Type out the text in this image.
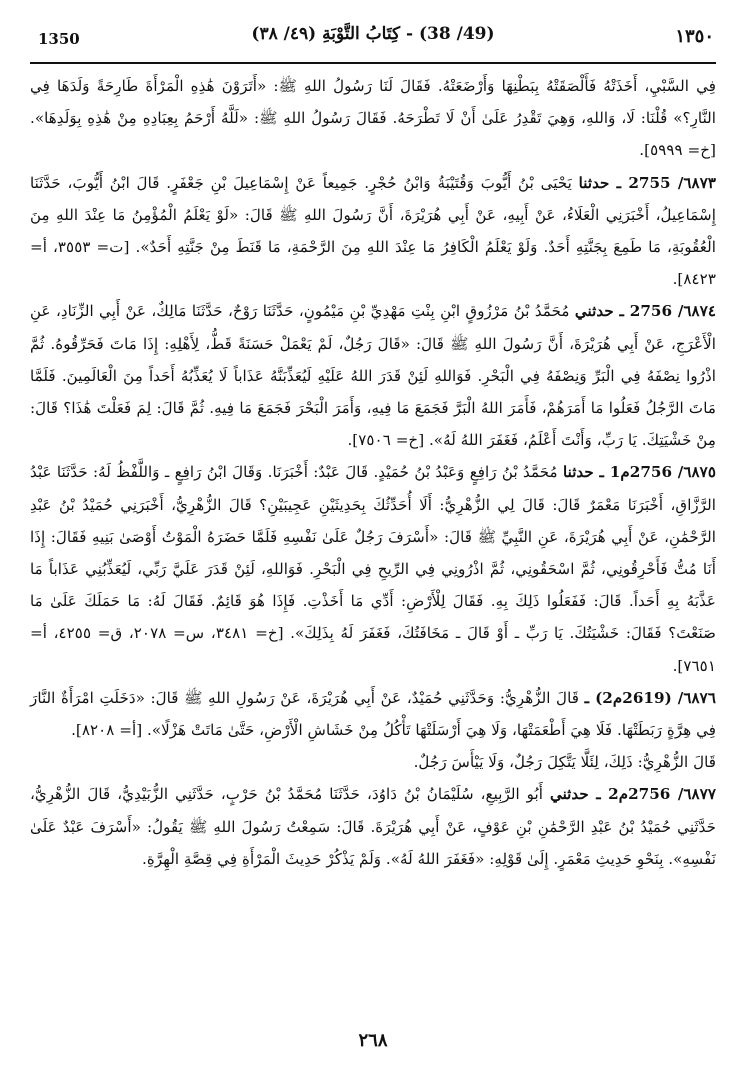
1350	(49/ 38) - كِتَابُ التَّوْبَةِ (٤٩/ ٣٨)	١٣٥٠

فِي السَّبْيِ، أَخَذَتْهُ فَأَلْصَقَتْهُ بِبَطْنِهَا وَأَرْضَعَتْهُ. فَقَالَ لَنَا رَسُولُ اللهِ ﷺ: «أَتَرَوْنَ هَٰذِهِ الْمَرْأَةَ طَارِحَةً وَلَدَهَا فِي النَّارِ؟» قُلْنَا: لَا، وَاللهِ، وَهِيَ تَقْدِرُ عَلَىٰ أَنْ لَا تَطْرَحَهُ. فَقَالَ رَسُولُ اللهِ ﷺ: «لَلَّهُ أَرْحَمُ بِعِبَادِهِ مِنْ هَٰذِهِ بِوَلَدِهَا». [خ= ٥٩٩٩].

٦٨٧٣/ 2755 ـ حدثنا يَحْيَى بْنُ أَيُّوبَ وَقُتَيْبَةُ وَابْنُ حُجْرٍ. جَمِيعاً عَنْ إِسْمَاعِيلَ بْنِ جَعْفَرٍ. قَالَ ابْنُ أَيُّوبَ، حَدَّثَنَا إِسْمَاعِيلُ، أَخْبَرَنِي الْعَلَاءُ، عَنْ أَبِيهِ، عَنْ أَبِي هُرَيْرَةَ، أَنَّ رَسُولَ اللهِ ﷺ قَالَ: «لَوْ يَعْلَمُ الْمُؤْمِنُ مَا عِنْدَ اللهِ مِنَ الْعُقُوبَةِ، مَا طَمِعَ بِجَنَّتِهِ أَحَدٌ. وَلَوْ يَعْلَمُ الْكَافِرُ مَا عِنْدَ اللهِ مِنَ الرَّحْمَةِ، مَا قَنَطَ مِنْ جَنَّتِهِ أَحَدٌ». [ت= ٣٥٥٣، أ= ٨٤٢٣].

٦٨٧٤/ 2756 ـ حدثني مُحَمَّدُ بْنُ مَرْزُوقٍ ابْنِ بِنْتِ مَهْدِيِّ بْنِ مَيْمُونٍ، حَدَّثَنَا رَوْحٌ، حَدَّثَنَا مَالِكٌ، عَنْ أَبِي الزِّنَادِ، عَنِ الْأَعْرَجِ، عَنْ أَبِي هُرَيْرَةَ، أَنَّ رَسُولَ اللهِ ﷺ قَالَ: «قَالَ رَجُلٌ، لَمْ يَعْمَلْ حَسَنَةً قَطُّ، لِأَهْلِهِ: إِذَا مَاتَ فَحَرِّقُوهُ. ثُمَّ اذْرُوا نِصْفَهُ فِي الْبَرِّ وَنِصْفَهُ فِي الْبَحْرِ. فَوَاللهِ لَئِنْ قَدَرَ اللهُ عَلَيْهِ لَيُعَذِّبَنَّهُ عَذَاباً لَا يُعَذِّبُهُ أَحَداً مِنَ الْعَالَمِينَ. فَلَمَّا مَاتَ الرَّجُلُ فَعَلُوا مَا أَمَرَهُمْ، فَأَمَرَ اللهُ الْبَرَّ فَجَمَعَ مَا فِيهِ، وَأَمَرَ الْبَحْرَ فَجَمَعَ مَا فِيهِ. ثُمَّ قَالَ: لِمَ فَعَلْتَ هَٰذَا؟ قَالَ: مِنْ خَشْيَتِكَ. يَا رَبِّ، وَأَنْتَ أَعْلَمُ، فَغَفَرَ اللهُ لَهُ». [خ= ٧٥٠٦].

٦٨٧٥/ 2756م1 ـ حدثنا مُحَمَّدُ بْنُ رَافِعٍ وَعَبْدُ بْنُ حُمَيْدٍ. قَالَ عَبْدٌ: أَخْبَرَنَا. وَقَالَ ابْنُ رَافِعٍ ـ وَاللَّفْظُ لَهُ: حَدَّثَنَا عَبْدُ الرَّزَّاقِ، أَخْبَرَنَا مَعْمَرٌ قَالَ: قَالَ لِي الزُّهْرِيُّ: أَلَا أُحَدِّثُكَ بِحَدِيثَيْنِ عَجِيبَيْنِ؟ قَالَ الزُّهْرِيُّ، أَخْبَرَنِي حُمَيْدُ بْنُ عَبْدِ الرَّحْمَٰنِ، عَنْ أَبِي هُرَيْرَةَ، عَنِ النَّبِيِّ ﷺ قَالَ: «أَسْرَفَ رَجُلٌ عَلَىٰ نَفْسِهِ فَلَمَّا حَضَرَهُ الْمَوْتُ أَوْصَىٰ بَنِيهِ فَقَالَ: إِذَا أَنَا مُتُّ فَأَحْرِقُونِي، ثُمَّ اسْحَقُونِي، ثُمَّ اذْرُونِي فِي الرِّيحِ فِي الْبَحْرِ. فَوَاللهِ، لَئِنْ قَدَرَ عَلَيَّ رَبِّي، لَيُعَذِّبُنِي عَذَاباً مَا عَذَّبَهُ بِهِ أَحَداً. قَالَ: فَفَعَلُوا ذَلِكَ بِهِ. فَقَالَ لِلْأَرْضِ: أَدِّي مَا أَخَذْتِ. فَإِذَا هُوَ قَائِمٌ. فَقَالَ لَهُ: مَا حَمَلَكَ عَلَىٰ مَا صَنَعْتَ؟ فَقَالَ: خَشْيَتُكَ. يَا رَبِّ ـ أَوْ قَالَ ـ مَخَافَتُكَ، فَغَفَرَ لَهُ بِذَلِكَ». [خ= ٣٤٨١، س= ٢٠٧٨، ق= ٤٢٥٥، أ= ٧٦٥١].

٦٨٧٦/ (2619م2) ـ قَالَ الزُّهْرِيُّ: وَحَدَّثَنِي حُمَيْدٌ، عَنْ أَبِي هُرَيْرَةَ، عَنْ رَسُولِ اللهِ ﷺ قَالَ: «دَخَلَتِ امْرَأَةٌ النَّارَ فِي هِرَّةٍ رَبَطَتْهَا. فَلَا هِيَ أَطْعَمَتْهَا، وَلَا هِيَ أَرْسَلَتْهَا تَأْكُلُ مِنْ خَشَاشِ الْأَرْضِ، حَتَّىٰ مَاتَتْ هَزْلًا». [أ= ٨٢٠٨].

قَالَ الزُّهْرِيُّ: ذَلِكَ، لِئَلَّا يَتَّكِلَ رَجُلٌ، وَلَا يَيْأَسَ رَجُلٌ.

٦٨٧٧/ 2756م2 ـ حدثني أَبُو الرَّبِيعِ، سُلَيْمَانُ بْنُ دَاوُدَ، حَدَّثَنَا مُحَمَّدُ بْنُ حَرْبٍ، حَدَّثَنِي الزُّبَيْدِيُّ، قَالَ الزُّهْرِيُّ، حَدَّثَنِي حُمَيْدُ بْنُ عَبْدِ الرَّحْمَٰنِ بْنِ عَوْفٍ، عَنْ أَبِي هُرَيْرَةَ. قَالَ: سَمِعْتُ رَسُولَ اللهِ ﷺ يَقُولُ: «أَسْرَفَ عَبْدٌ عَلَىٰ نَفْسِهِ». بِنَحْوِ حَدِيثِ مَعْمَرٍ. إِلَىٰ قَوْلِهِ: «فَغَفَرَ اللهُ لَهُ». وَلَمْ يَذْكُرْ حَدِيثَ الْمَرْأَةِ فِي قِصَّةِ الْهِرَّةِ.

٢٦٨
